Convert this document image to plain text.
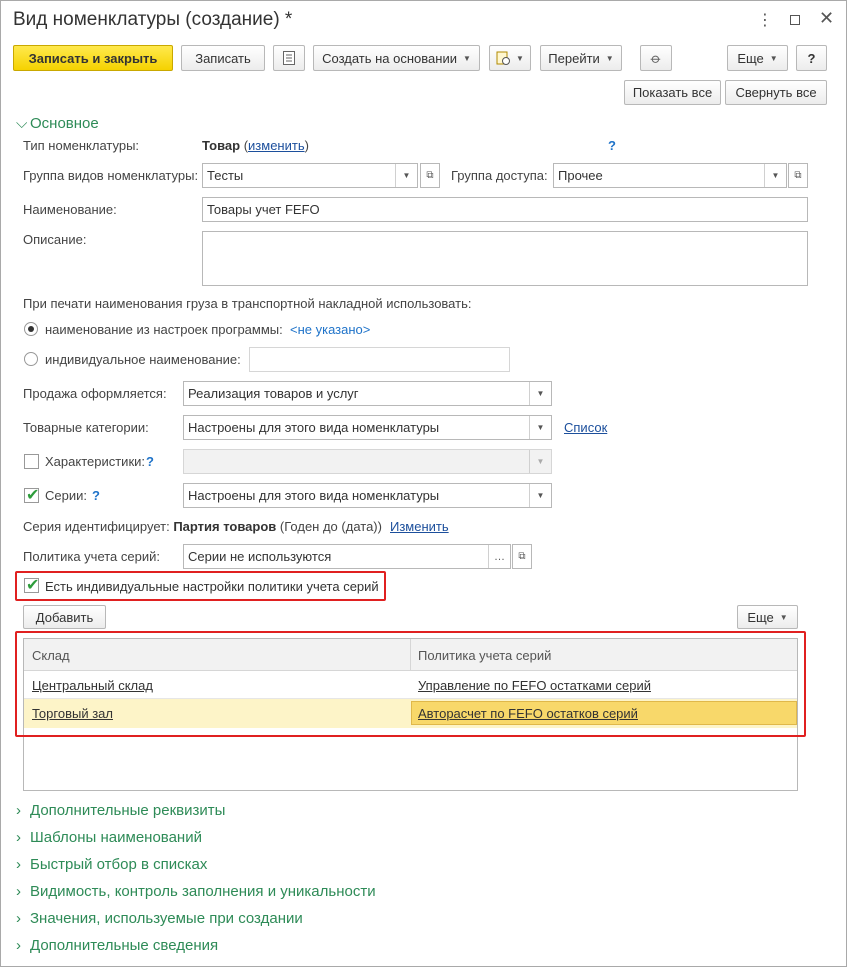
Вид номенклатуры (создание) *	⋮	✕
Записать и закрыть	Записать	Создать на основании ▼	▼ Перейти ▼ ⌀	Еще ▼ ?
Показать все Свернуть все
⌵ Основное
Тип номенклатуры:	Товар (изменить)	?
Группа видов номенклатуры: Тесты	▼	⧉	Группа доступа: Прочее	▼	⧉
Наименование:	Товары учет FEFO
Описание:
При печати наименования груза в транспортной накладной использовать:
наименование из настроек программы: <не указано>
индивидуальное наименование:
Продажа оформляется:	Реализация товаров и услуг	▼
Товарные категории:	Настроены для этого вида номенклатуры	▼	Список
Характеристики: ?	▼
✔ Серии: ?	Настроены для этого вида номенклатуры	▼
Серия идентифицирует: Партия товаров (Годен до (дата)) Изменить
Политика учета серий:	Серии не используются	…	⧉
✔ Есть индивидуальные настройки политики учета серий
Добавить	Еще ▼
Склад	Политика учета серий
Центральный склад	Управление по FEFO остатками серий
Торговый зал	Авторасчет по FEFO остатков серий
› Дополнительные реквизиты
› Шаблоны наименований
› Быстрый отбор в списках
› Видимость, контроль заполнения и уникальности
› Значения, используемые при создании
› Дополнительные сведения
